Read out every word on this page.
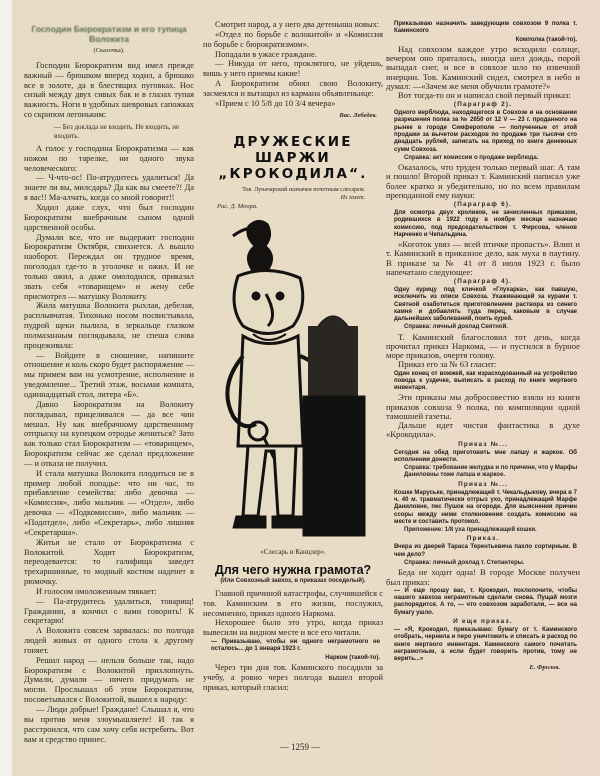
Господин Бюрократизм и его тупица Волокита
(Сказочка).

Господин Бюрократизм вид имел прежде важный — брюшком вперед ходил, а брюшко все в золоте, да в блестящих пуговках. Нос сизый между двух сивых бак и в глазах тупая важность. Ноги в удобных шевровых сапожках со скрипом легоньким:

— Без доклада не входить. Не входить, не входить.

А голос у господина Бюрократизма — как ножом по тарелке, ни одного звука человеческого:

— Ч-что-ос! По-атрудитесь удалиться! Да знаете ли вы, милсдарь? Да как вы смеете?! Да я вас!! Ма-алчать, когда со мной говорят!!

Ходил даже слух, что был господин Бюрократизм внебрачным сыном одной царственной особы.

Думали все, что не выдержит господин Бюрократизм Октября, свихнется. А вышло наоборот. Переждал он трудное время, поголодал где-то в уголочке и ожил. И не только ожил, а даже омолодился, приказал звать себя «товарищем» и жену себе присмотрел — матушку Волокиту.

Жила матушка Волокита рыхлая, дебелая, расплывчатая. Тихонько носом посвистывала, пудрой щеки пылила, в зеркальце глазком полмазанным поглядывала, не спеша слова процеживала:

— Войдите в сношение, напишите отношение и коль скоро будет распоряжение — мы примем вам на усмотрение, исполнение и уведомление... Третий этаж, восьмая комната, одиннадцатый стол, литера «Б».

Давно Бюрократизм на Волокиту поглядывал, прицеливался — да все чин мешал. Ну как внебрачному царственному отпрыску на купецком отродье жениться? Зато как только стал Бюрократизм — «товарищем», Бюрократизм сейчас же сделал предложение — и отказа не получил.

И стала матушка Волокита плодиться не в пример любой попадье: что ни час, то прибавление семейства: либо девочка — «Комиссия», либо мальчик — «Отдел», либо девочка — «Подкомиссия», либо мальчик — «Подотдел», либо «Секретарь», либо лишняя «Секретарша».

Житья не стало от Бюрократизма с Волокитой. Ходит Бюрократизм, переодевается: то галифища заведет трехаршинные, то модный костюм наденет в рюмочку.

И голосом омоложенным тявкает:

— Па-атрудитесь удалиться, товарищ! Гражданин, я кончил с вами говорить! К секретарю!

А Волокита совсем зарвалась: по полгода людей живых от одного стола к другому гоняет.

Решил народ — нельзя больше так, надо Бюрократизм с Волокитой прихлопнуть. Думали, думали — ничего придумать не могли. Прослышал об этом Бюрократизм, посоветывался с Волокитой, вышел к народу:

— Люди добрые! Граждане! Слышал я, что вы против меня злоумышляете! И так я расстроился, что сам хочу себя истребить. Вот вам и средство принес.

Смотрит народ, а у него два детеныша новых:

«Отдел по борьбе с волокитой» и «Комиссия по борьбе с бюрократизмом».

Попадали в ужасе граждане.

— Никуда от него, проклятого, не уйдешь, вишь у него приемы какие!

А Бюрократизм обнял свою Волокиту, засмеялся и вытащил из кармана объявленьице:

«Прием с 10 5/8 до 10 3/4 вечера»

Вас. Лебедев.
ДРУЖЕСКИЕ ШАРЖИ
„КРОКОДИЛА“.
Тов. Луначарский назначен почетным слесарем.
Из газет.
Рис. Д. Моора.
«Слесарь и Канцлер».
Для чего нужна грамота?
(Или Совхозный завхоз, в приказах поседелый).

Главной причиной катастрофы, случившейся с тов. Каминским в его жизни, послужил, несомненно, приказ одного Наркома.

Нехорошее было это утро, когда приказ вывесили на видном месте и все его читали.

— Приказываю, чтобы ни одного неграмотного не осталось... до 1 января 1923 г.
Нарком (такой-то).

Через три дня тов. Каминского посадили за учебу, а ровно через полгода вышел второй приказ, который гласил:

Приказываю назначить заведующим совхозом 9 полка т. Каминского
Комполка (такой-то).

Над совхозом каждое утро всходило солнце, вечером оно пряталось, иногда шел дождь, порой выпадал снег, и все в совхозе шло по извечной инерции. Тов. Каминский сидел, смотрел в небо и думал: —«Зачем же меня обучили грамоте?»

Вот тогда-то он и написал свой первый приказ:

(Параграф 2).
Одного верблюда, находящегося в Совхозе и на основании разрешения полка за № 2650 от 12 V — 23 г. проданного на рынке в городе Симферополе — полученные от этой продажи за вычетом расходов по продаже три тысячи сто двадцать рублей, записать на приход по книге денежных сумм Совхоза.
Справка: акт комиссии о продаже верблюда.

Оказалось, что труден только первый шаг. А там и пошло! Второй приказ т. Каминский написал уже более кратко и убедительно, но по всем правилам преподанной ему науки:

(Параграф 6).
Для осмотра двух кроликов, не зачисленных приказом, родившихся в 1922 году в ноябре месяце назначаю комиссию, под председательством т. Фирсова, членов Нарченко и Чепальдина.

«Коготок увяз — всей птичке пропасть». Влип и т. Каминский в приказное дело, как муха в паутину. В приказе за № 41 от 8 июля 1923 г. было напечатано следующее:

(Параграф 4).
Одну курицу под кличкой «Глухарка», как павшую, исключить из описи Совхоза. Ухаживающей за курами т. Святной озаботиться приготовлением раствора из синего камня и добавлять туда перец, каковым в случае дальнейших заболеваний, поить курей.
Справка: личный доклад Святной.

Т. Каминский благословил тот день, когда прочитал приказ Наркома, — и пустился в бурное море приказов, очертя голову.

Приказ его за № 63 гласит:

Один конец от вожжей, как израсходованный на устройство повода к уздечке, выписать в расход по книге мертвого инвентаря.

Эти приказы мы добросовестно взяли из книги приказов совхоза 9 полка, по компиляции одной тамошней газеты.

Дальше идет чистая фантастика в духе «Крокодила».

Приказ №...
Сегодня на обед приготовить мне лапшу и жаркое. Об исполнении донести.
Справка: требование желудка и по причине, что у Марфы Даниловны тоже лапша и жаркое.
Приказ №...
Кошке Маруське, принадлежащей т. Чекальдыкову, вчера в 7 ч. 40 м. травматически отгрыз ухо, принадлежащий Марфе Даниловне, пес Пушок на огороде. Для выяснения причин ссоры между ними столкновения создать комиссию на месте и составить протокол.
Приложение: 1/8 уха принадлежащей кошки.
Приказ.
Вчера из дверей Тараса Терентьевича пахло сортирным. В чем дело?
Справка: личный доклад т. Степантеры.

Беда не ходит одна! В городе Москве получен был приказ:

— И еще прошу вас, т. Крокодил, похлопочите, чтобы нашего завхоза неграмотным сделали снова. Пущай мозги распорядится. А то, — что совхозом заработали, — все на бумагу ушло.
И еще приказ.
— «Я, Крокодил, приказываю: бумагу от т. Каминского отобрать, чернила и перо уничтожить и списать в расход по книге мертвого инвентаря. Каминского самого почитать неграмотным, а если будет говорить против, тому не верить...»
Е. Фролов.
— 1259 —
